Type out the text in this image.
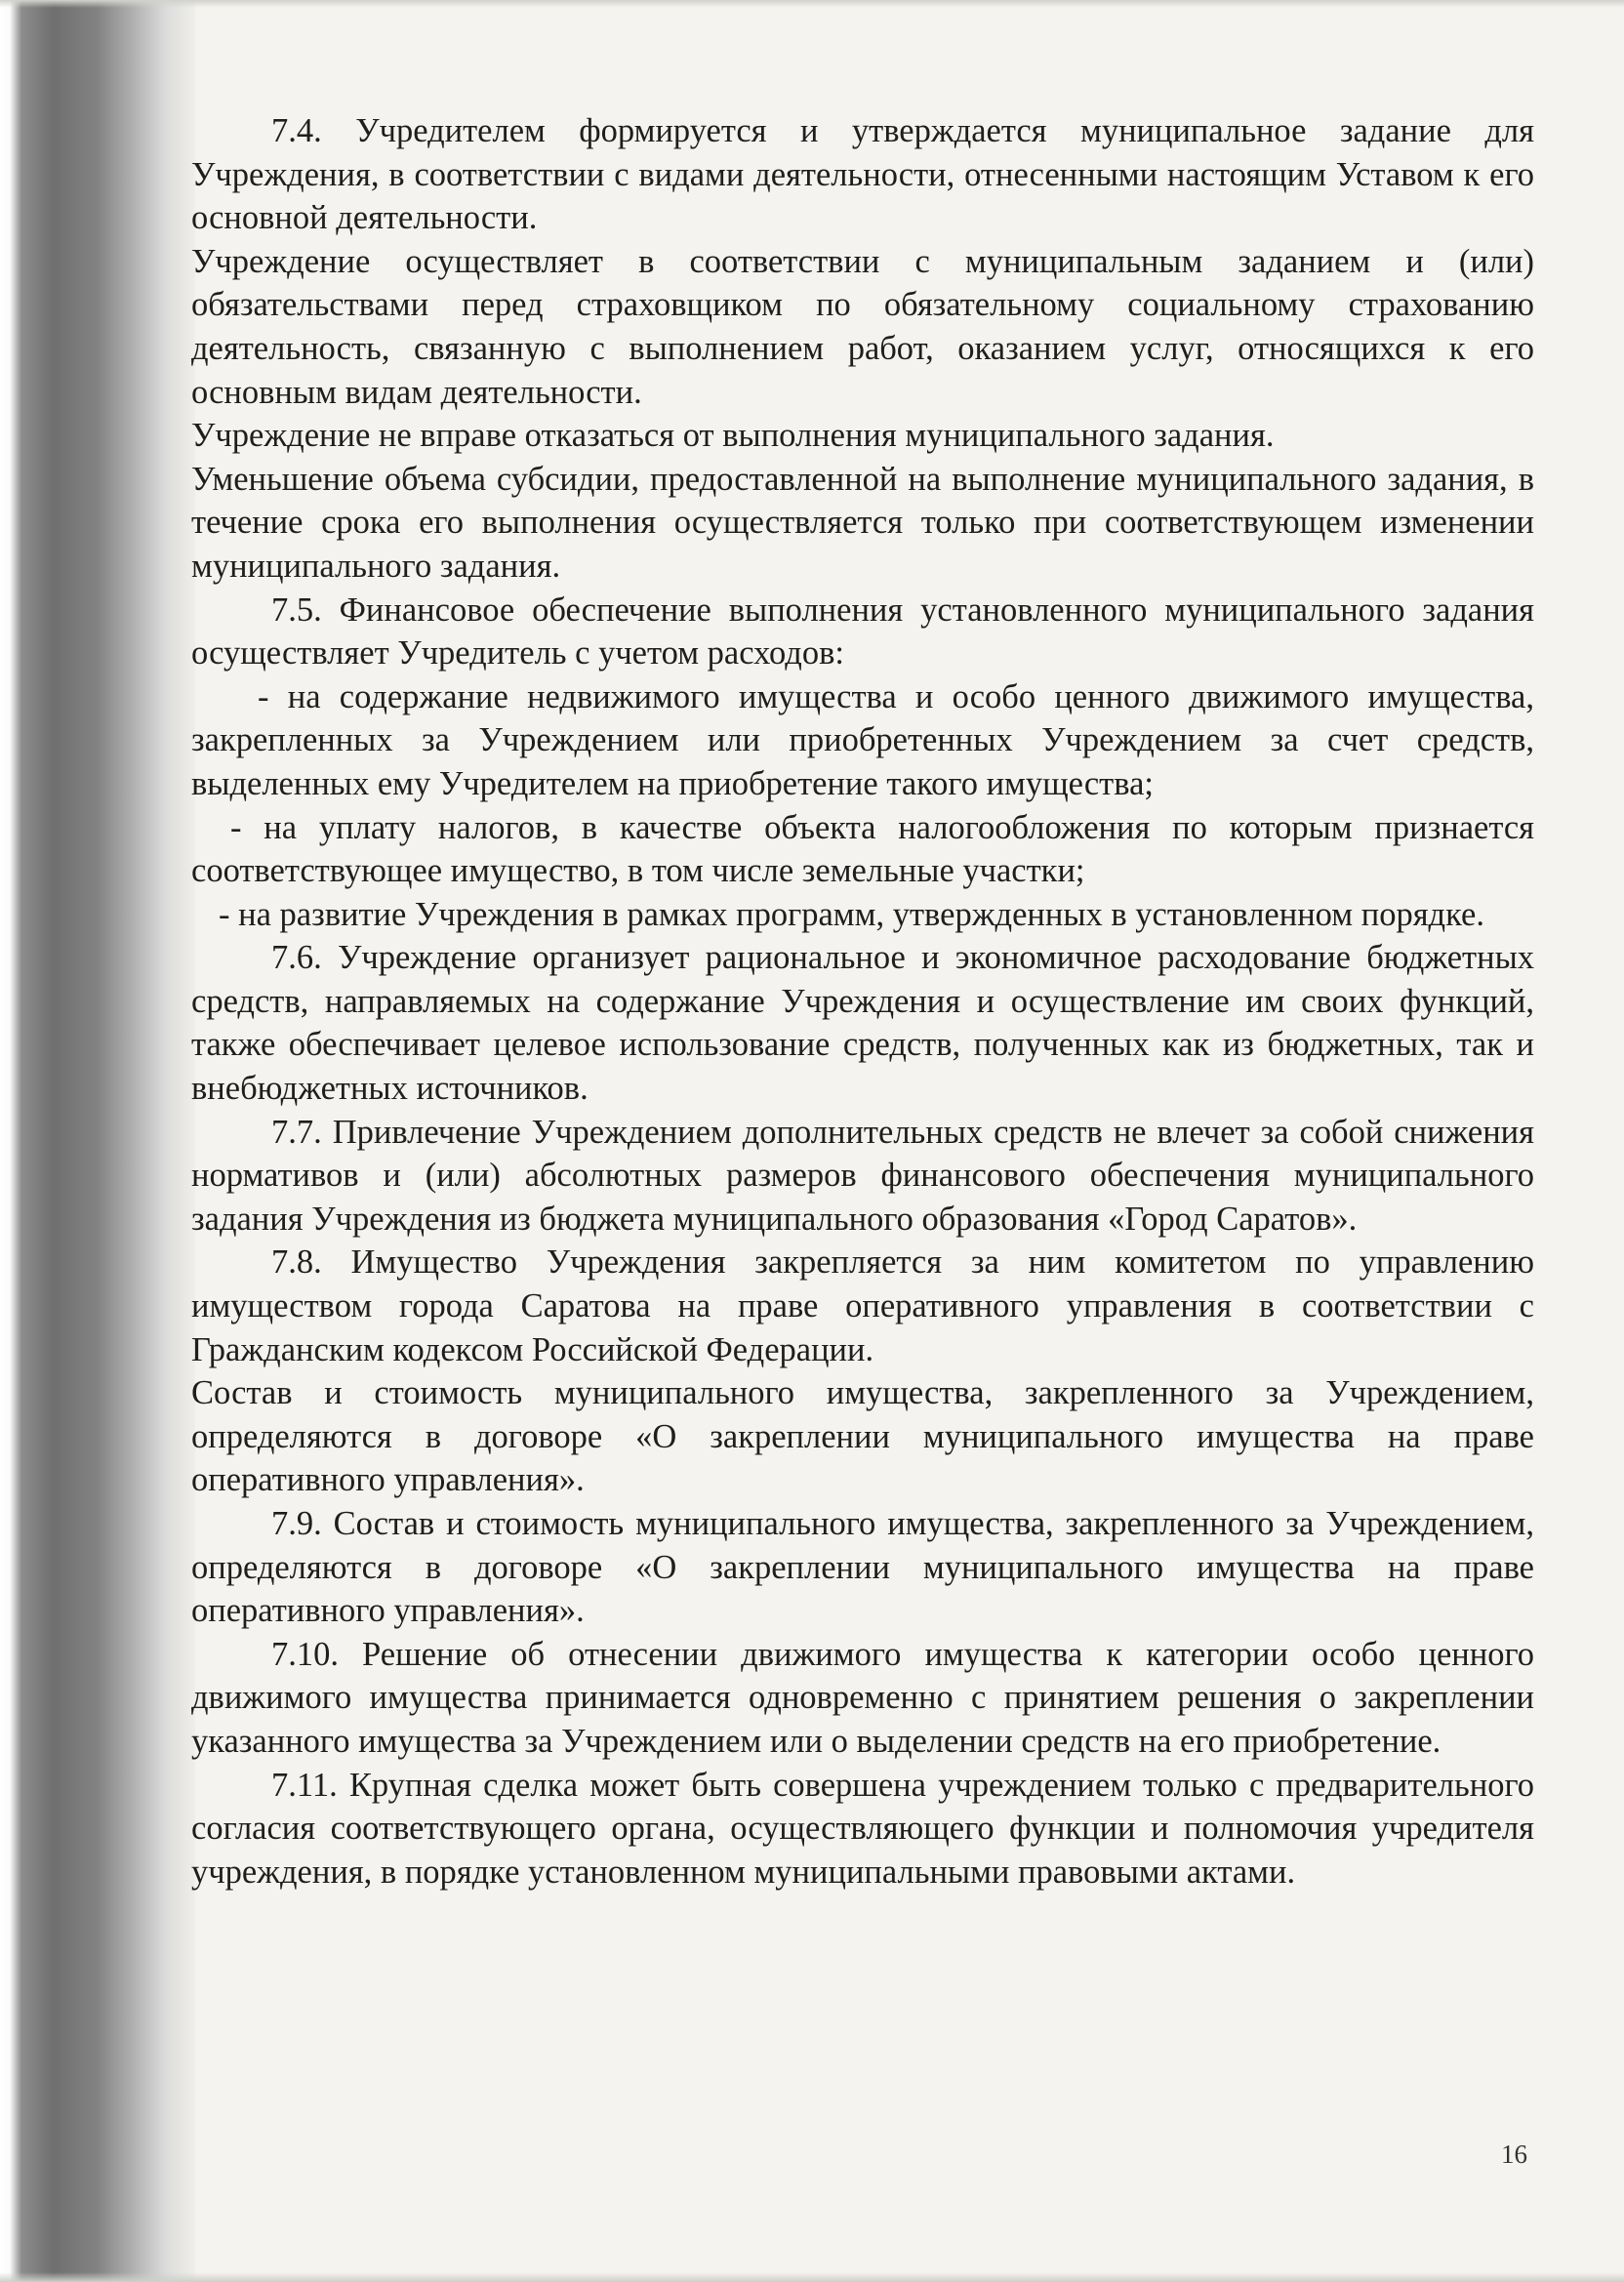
7.4. Учредителем формируется и утверждается муниципальное задание для Учреждения, в соответствии с видами деятельности, отнесенными настоящим Уставом к его основной деятельности.

Учреждение осуществляет в соответствии с муниципальным заданием и (или) обязательствами перед страховщиком по обязательному социальному страхованию деятельность, связанную с выполнением работ, оказанием услуг, относящихся к его основным видам деятельности.

Учреждение не вправе отказаться от выполнения муниципального задания.

Уменьшение объема субсидии, предоставленной на выполнение муниципального задания, в течение срока его выполнения осуществляется только при соответствующем изменении муниципального задания.

7.5. Финансовое обеспечение выполнения установленного муниципального задания осуществляет Учредитель с учетом расходов:

- на содержание недвижимого имущества и особо ценного движимого имущества, закрепленных за Учреждением или приобретенных Учреждением за счет средств, выделенных ему Учредителем на приобретение такого имущества;

- на уплату налогов, в качестве объекта налогообложения по которым признается соответствующее имущество, в том числе земельные участки;

- на развитие Учреждения в рамках программ, утвержденных в установленном порядке.

7.6. Учреждение организует рациональное и экономичное расходование бюджетных средств, направляемых на содержание Учреждения и осуществление им своих функций, также обеспечивает целевое использование средств, полученных как из бюджетных, так и внебюджетных источников.

7.7. Привлечение Учреждением дополнительных средств не влечет за собой снижения нормативов и (или) абсолютных размеров финансового обеспечения муниципального задания Учреждения из бюджета муниципального образования «Город Саратов».

7.8. Имущество Учреждения закрепляется за ним комитетом по управлению имуществом города Саратова на праве оперативного управления в соответствии с Гражданским кодексом Российской Федерации.

Состав и стоимость муниципального имущества, закрепленного за Учреждением, определяются в договоре «О закреплении муниципального имущества на праве оперативного управления».

7.9. Состав и стоимость муниципального имущества, закрепленного за Учреждением, определяются в договоре «О закреплении муниципального имущества на праве оперативного управления».

7.10. Решение об отнесении движимого имущества к категории особо ценного движимого имущества принимается одновременно с принятием решения о закреплении указанного имущества за Учреждением или о выделении средств на его приобретение.

7.11. Крупная сделка может быть совершена учреждением только с предварительного согласия соответствующего органа, осуществляющего функции и полномочия учредителя учреждения, в порядке установленном муниципальными правовыми актами.

16
